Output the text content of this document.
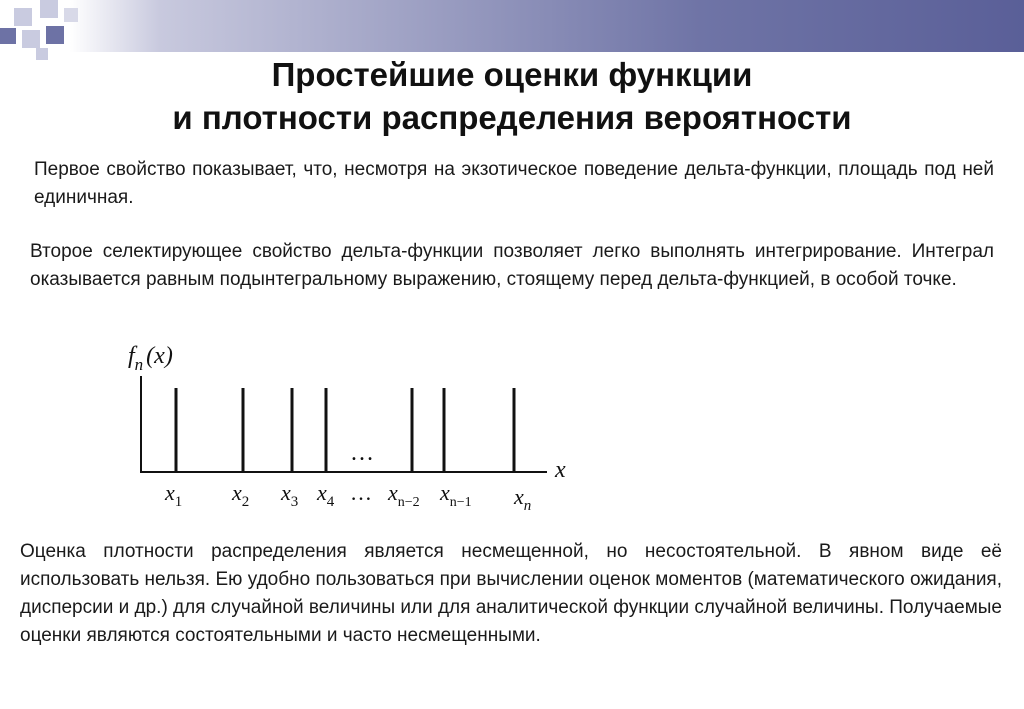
Простейшие оценки функции
и плотности распределения вероятности
Первое свойство показывает, что, несмотря на экзотическое поведение дельта-функции, площадь под ней единичная.
Второе селектирующее свойство дельта-функции позволяет легко выполнять интегрирование. Интеграл оказывается равным подынтегральному выражению, стоящему перед дельта-функцией, в особой точке.
$f_n$ (x)
x
…
$x_1$ $x_2$ $x_3$ $x_4$ … $x_{n-2}$ $x_{n-1}$ $x_n$
Оценка плотности распределения является несмещенной, но несостоятельной. В явном виде её использовать нельзя. Ею удобно пользоваться при вычислении оценок моментов (математического ожидания, дисперсии и др.) для случайной величины или для аналитической функции случайной величины. Получаемые оценки являются состоятельными и часто несмещенными.
